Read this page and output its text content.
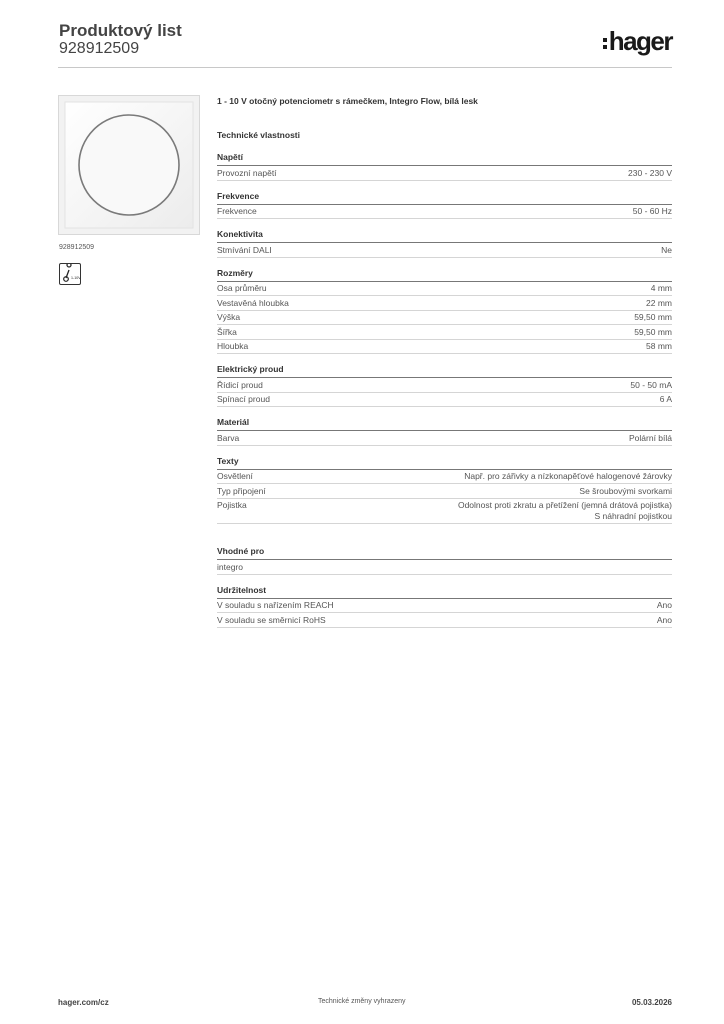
Produktový list
928912509	hager
928912509
1-10V
1 - 10 V otočný potenciometr s rámečkem, Integro Flow, bílá lesk
Technické vlastnosti
Napětí
Provozní napětí	230 - 230 V
Frekvence
Frekvence	50 - 60 Hz
Konektivita
Stmívání DALI	Ne
Rozměry
Osa průměru	4 mm
Vestavěná hloubka	22 mm
Výška	59,50 mm
Šířka	59,50 mm
Hloubka	58 mm
Elektrický proud
Řídicí proud	50 - 50 mA
Spínací proud	6 A
Materiál
Barva	Polární bílá
Texty
Osvětlení	Např. pro zářivky a nízkonapěťové halogenové žárovky
Typ připojení	Se šroubovými svorkami
Pojistka	Odolnost proti zkratu a přetížení (jemná drátová pojistka)
S náhradní pojistkou
Vhodné pro
integro
Udržitelnost
V souladu s nařízením REACH	Ano
V souladu se směrnicí RoHS	Ano
hager.com/cz	Technické změny vyhrazeny	05.03.2026
